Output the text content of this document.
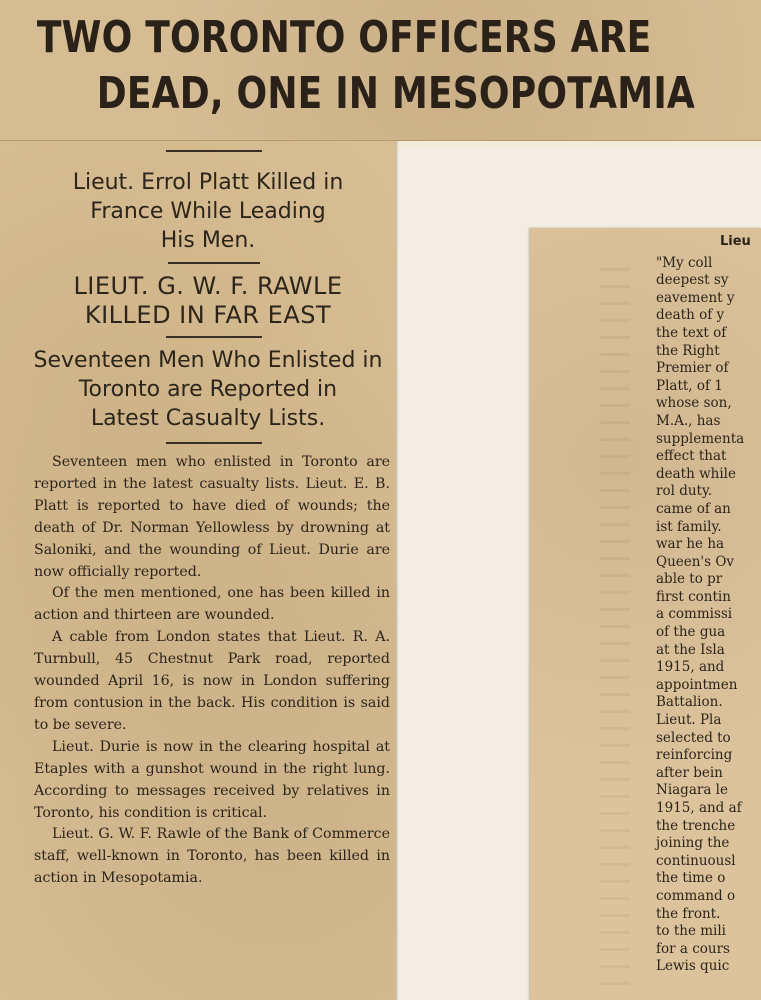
Lieu
"My coll
deepest sy
eavement y
death of y
the text of
the Right
Premier of
Platt, of 1
whose son,
M.A., has
supplementa
effect that
death while
rol duty.
came of an
ist family.
war he ha
Queen's Ov
able to pr
first contin
a commissi
of the gua
at the Isla
1915, and
appointmen
Battalion.
Lieut. Pla
selected to
reinforcing
after bein
Niagara le
1915, and af
the trenche
joining the
continuousl
the time o
command o
the front.
to the mili
for a cours
Lewis quic
TWO TORONTO OFFICERS ARE
DEAD, ONE IN MESOPOTAMIA
Lieut. Errol Platt Killed in
France While Leading
His Men.
LIEUT. G. W. F. RAWLE
KILLED IN FAR EAST
Seventeen Men Who Enlisted in
Toronto are Reported in
Latest Casualty Lists.

Seventeen men who enlisted in Toronto are reported in the latest casualty lists. Lieut. E. B. Platt is reported to have died of wounds; the death of Dr. Norman Yellowless by drowning at Saloniki, and the wounding of Lieut. Durie are now officially reported.

Of the men mentioned, one has been killed in action and thirteen are wounded.

A cable from London states that Lieut. R. A. Turnbull, 45 Chestnut Park road, reported wounded April 16, is now in London suffering from contusion in the back. His condition is said to be severe.

Lieut. Durie is now in the clearing hospital at Etaples with a gunshot wound in the right lung. According to messages received by relatives in Toronto, his condition is critical.

Lieut. G. W. F. Rawle of the Bank of Commerce staff, well-known in Toronto, has been killed in action in Mesopotamia.
